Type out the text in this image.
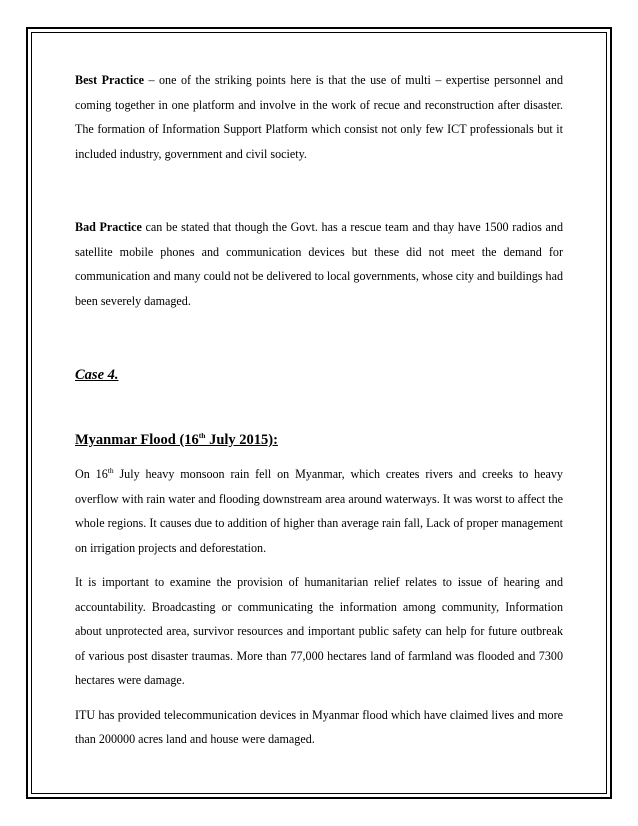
Best Practice – one of the striking points here is that the use of multi – expertise personnel and coming together in one platform and involve in the work of recue and reconstruction after disaster. The formation of Information Support Platform which consist not only few ICT professionals but it included industry, government and civil society.

Bad Practice can be stated that though the Govt. has a rescue team and thay have 1500 radios and satellite mobile phones and communication devices but these did not meet the demand for communication and many could not be delivered to local governments, whose city and buildings had been severely damaged.

Case 4.
Myanmar Flood (16th July 2015):

On 16th July heavy monsoon rain fell on Myanmar, which creates rivers and creeks to heavy overflow with rain water and flooding downstream area around waterways. It was worst to affect the whole regions. It causes due to addition of higher than average rain fall, Lack of proper management on irrigation projects and deforestation.

It is important to examine the provision of humanitarian relief relates to issue of hearing and accountability. Broadcasting or communicating the information among community, Information about unprotected area, survivor resources and important public safety can help for future outbreak of various post disaster traumas. More than 77,000 hectares land of farmland was flooded and 7300 hectares were damage.

ITU has provided telecommunication devices in Myanmar flood which have claimed lives and more than 200000 acres land and house were damaged.
